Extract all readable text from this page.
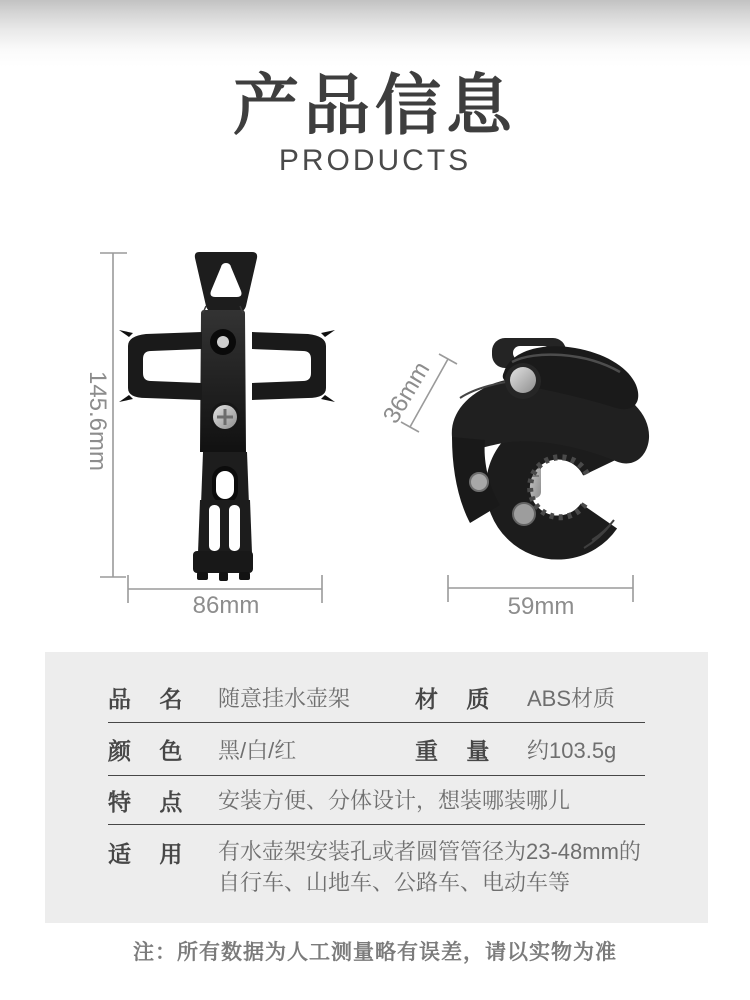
产品信息
PRODUCTS
145.6mm
86mm
36mm
59mm
品 名	随意挂水壶架	材 质	ABS材质
颜 色	黑/白/红	重 量	约103.5g
特 点	安装方便、分体设计，想装哪装哪儿
适 用	有水壶架安装孔或者圆管管径为23-48mm的自行车、山地车、公路车、电动车等
注：所有数据为人工测量略有误差，请以实物为准
